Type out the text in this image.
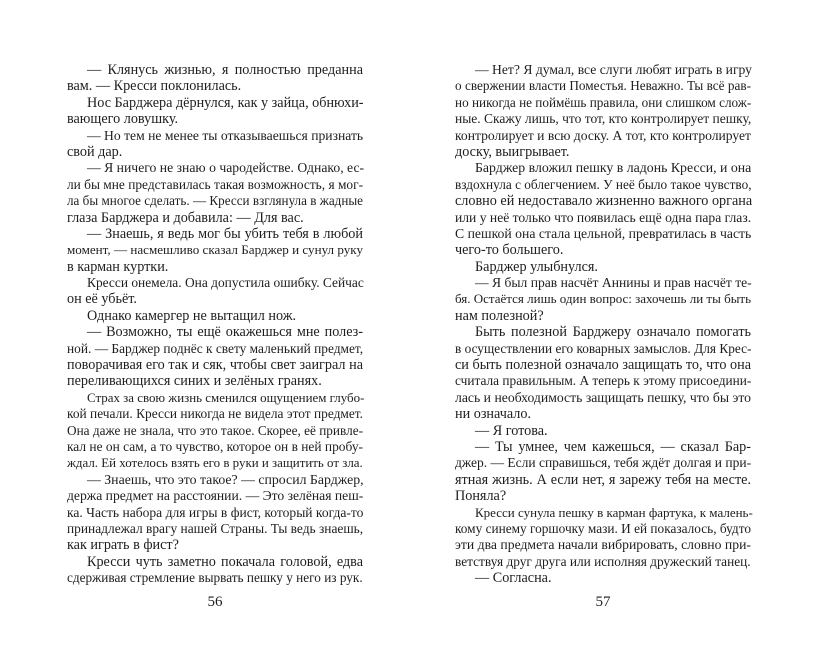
— Клянусь жизнью, я полностью преданна
вам. — Кресси поклонилась.
Нос Барджера дёрнулся, как у зайца, обнюхи-
вающего ловушку.
— Но тем не менее ты отказываешься признать
свой дар.
— Я ничего не знаю о чародействе. Однако, ес-
ли бы мне представилась такая возможность, я мог-
ла бы многое сделать. — Кресси взглянула в жадные
глаза Барджера и добавила: — Для вас.
— Знаешь, я ведь мог бы убить тебя в любой
момент, — насмешливо сказал Барджер и сунул руку
в карман куртки.
Кресси онемела. Она допустила ошибку. Сейчас
он её убьёт.
Однако камергер не вытащил нож.
— Возможно, ты ещё окажешься мне полез-
ной. — Барджер поднёс к свету маленький предмет,
поворачивая его так и сяк, чтобы свет заиграл на
переливающихся синих и зелёных гранях.
Страх за свою жизнь сменился ощущением глубо-
кой печали. Кресси никогда не видела этот предмет.
Она даже не знала, что это такое. Скорее, её привле-
кал не он сам, а то чувство, которое он в ней пробу-
ждал. Ей хотелось взять его в руки и защитить от зла.
— Знаешь, что это такое? — спросил Барджер,
держа предмет на расстоянии. — Это зелёная пеш-
ка. Часть набора для игры в фист, который когда-то
принадлежал врагу нашей Страны. Ты ведь знаешь,
как играть в фист?
Кресси чуть заметно покачала головой, едва
сдерживая стремление вырвать пешку у него из рук.
— Нет? Я думал, все слуги любят играть в игру
о свержении власти Поместья. Неважно. Ты всё рав-
но никогда не поймёшь правила, они слишком слож-
ные. Скажу лишь, что тот, кто контролирует пешку,
контролирует и всю доску. А тот, кто контролирует
доску, выигрывает.
Барджер вложил пешку в ладонь Кресси, и она
вздохнула с облегчением. У неё было такое чувство,
словно ей недоставало жизненно важного органа
или у неё только что появилась ещё одна пара глаз.
С пешкой она стала цельной, превратилась в часть
чего-то большего.
Барджер улыбнулся.
— Я был прав насчёт Аннины и прав насчёт те-
бя. Остаётся лишь один вопрос: захочешь ли ты быть
нам полезной?
Быть полезной Барджеру означало помогать
в осуществлении его коварных замыслов. Для Крес-
си быть полезной означало защищать то, что она
считала правильным. А теперь к этому присоедини-
лась и необходимость защищать пешку, что бы это
ни означало.
— Я готова.
— Ты умнее, чем кажешься, — сказал Бар-
джер. — Если справишься, тебя ждёт долгая и при-
ятная жизнь. А если нет, я зарежу тебя на месте.
Поняла?
Кресси сунула пешку в карман фартука, к малень-
кому синему горшочку мази. И ей показалось, будто
эти два предмета начали вибрировать, словно при-
ветствуя друг друга или исполняя дружеский танец.
— Согласна.
56	57
